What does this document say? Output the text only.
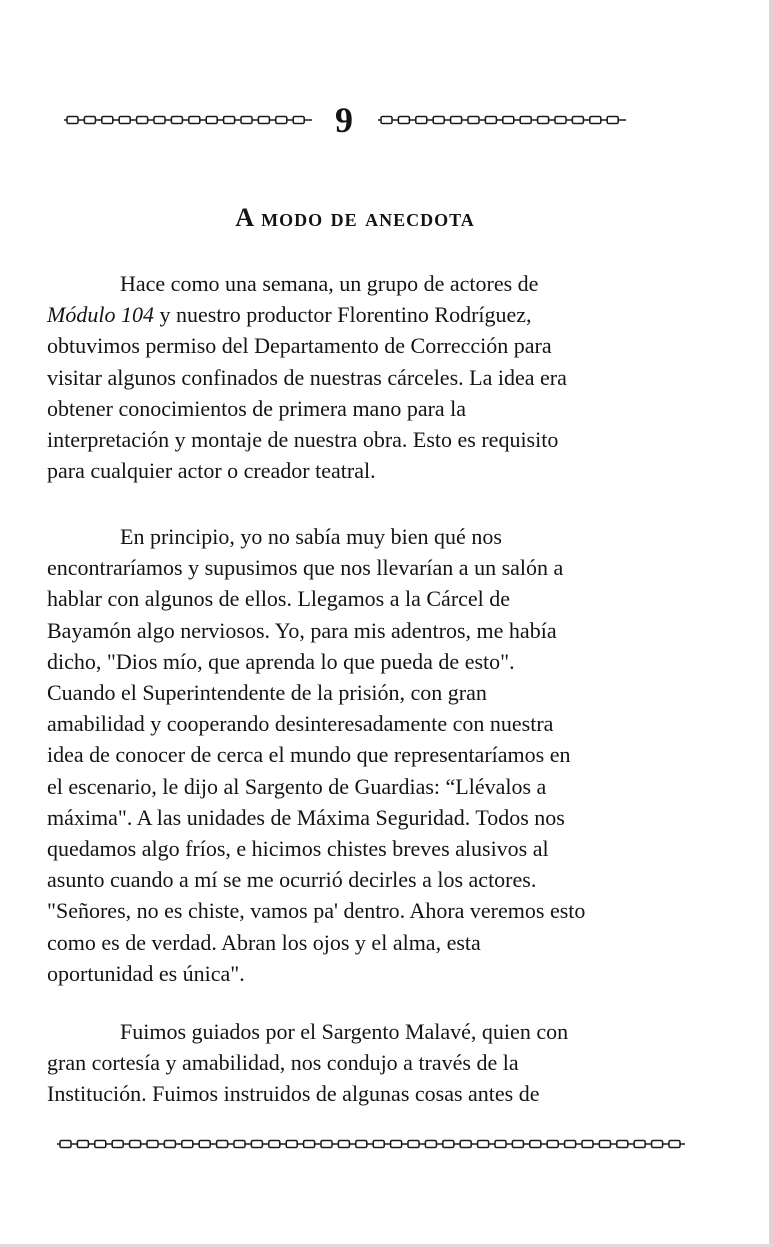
9
A modo de anecdota
Hace como una semana, un grupo de actores de
Módulo 104 y nuestro productor Florentino Rodríguez,
obtuvimos permiso del Departamento de Corrección para
visitar algunos confinados de nuestras cárceles. La idea era
obtener conocimientos de primera mano para la
interpretación y montaje de nuestra obra. Esto es requisito
para cualquier actor o creador teatral.
En principio, yo no sabía muy bien qué nos
encontraríamos y supusimos que nos llevarían a un salón a
hablar con algunos de ellos. Llegamos a la Cárcel de
Bayamón algo nerviosos. Yo, para mis adentros, me había
dicho, "Dios mío, que aprenda lo que pueda de esto".
Cuando el Superintendente de la prisión, con gran
amabilidad y cooperando desinteresadamente con nuestra
idea de conocer de cerca el mundo que representaríamos en
el escenario, le dijo al Sargento de Guardias: “Llévalos a
máxima". A las unidades de Máxima Seguridad. Todos nos
quedamos algo fríos, e hicimos chistes breves alusivos al
asunto cuando a mí se me ocurrió decirles a los actores.
"Señores, no es chiste, vamos pa' dentro. Ahora veremos esto
como es de verdad. Abran los ojos y el alma, esta
oportunidad es única".
Fuimos guiados por el Sargento Malavé, quien con
gran cortesía y amabilidad, nos condujo a través de la
Institución. Fuimos instruidos de algunas cosas antes de
